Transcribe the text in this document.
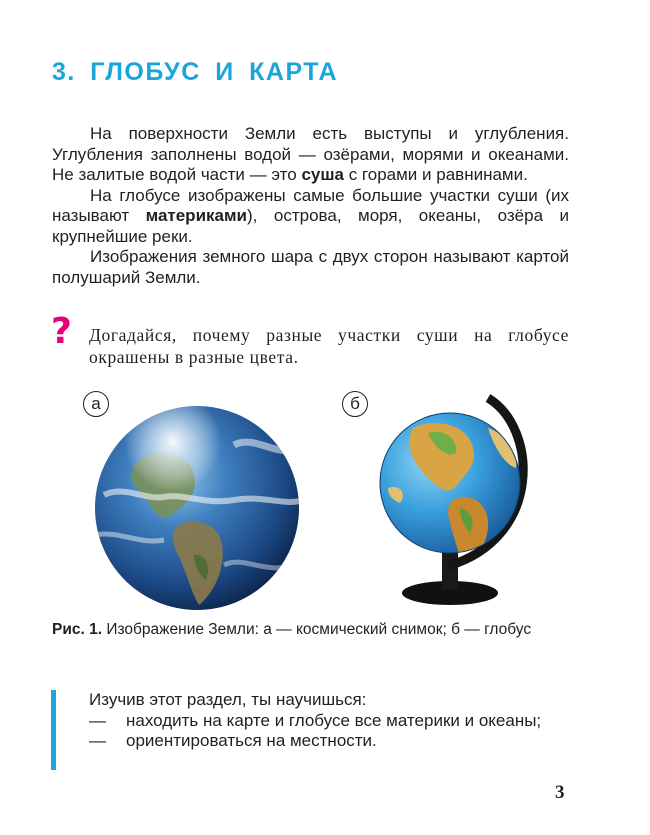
3. ГЛОБУС И КАРТА

На поверхности Земли есть выступы и углубления. Углубления заполнены водой — озёрами, морями и океанами. Не залитые водой части — это суша с горами и равнинами.

На глобусе изображены самые большие участки суши (их называют материками), острова, моря, океаны, озёра и крупнейшие реки.

Изображения земного шара с двух сторон называют картой полушарий Земли.

? Догадайся, почему разные участки суши на глобусе окрашены в разные цвета.
а	б
Рис. 1. Изображение Земли: а — космический снимок; б — глобус
Изучив этот раздел, ты научишься:
—	находить на карте и глобусе все материки и океаны;
—	ориентироваться на местности.
3
